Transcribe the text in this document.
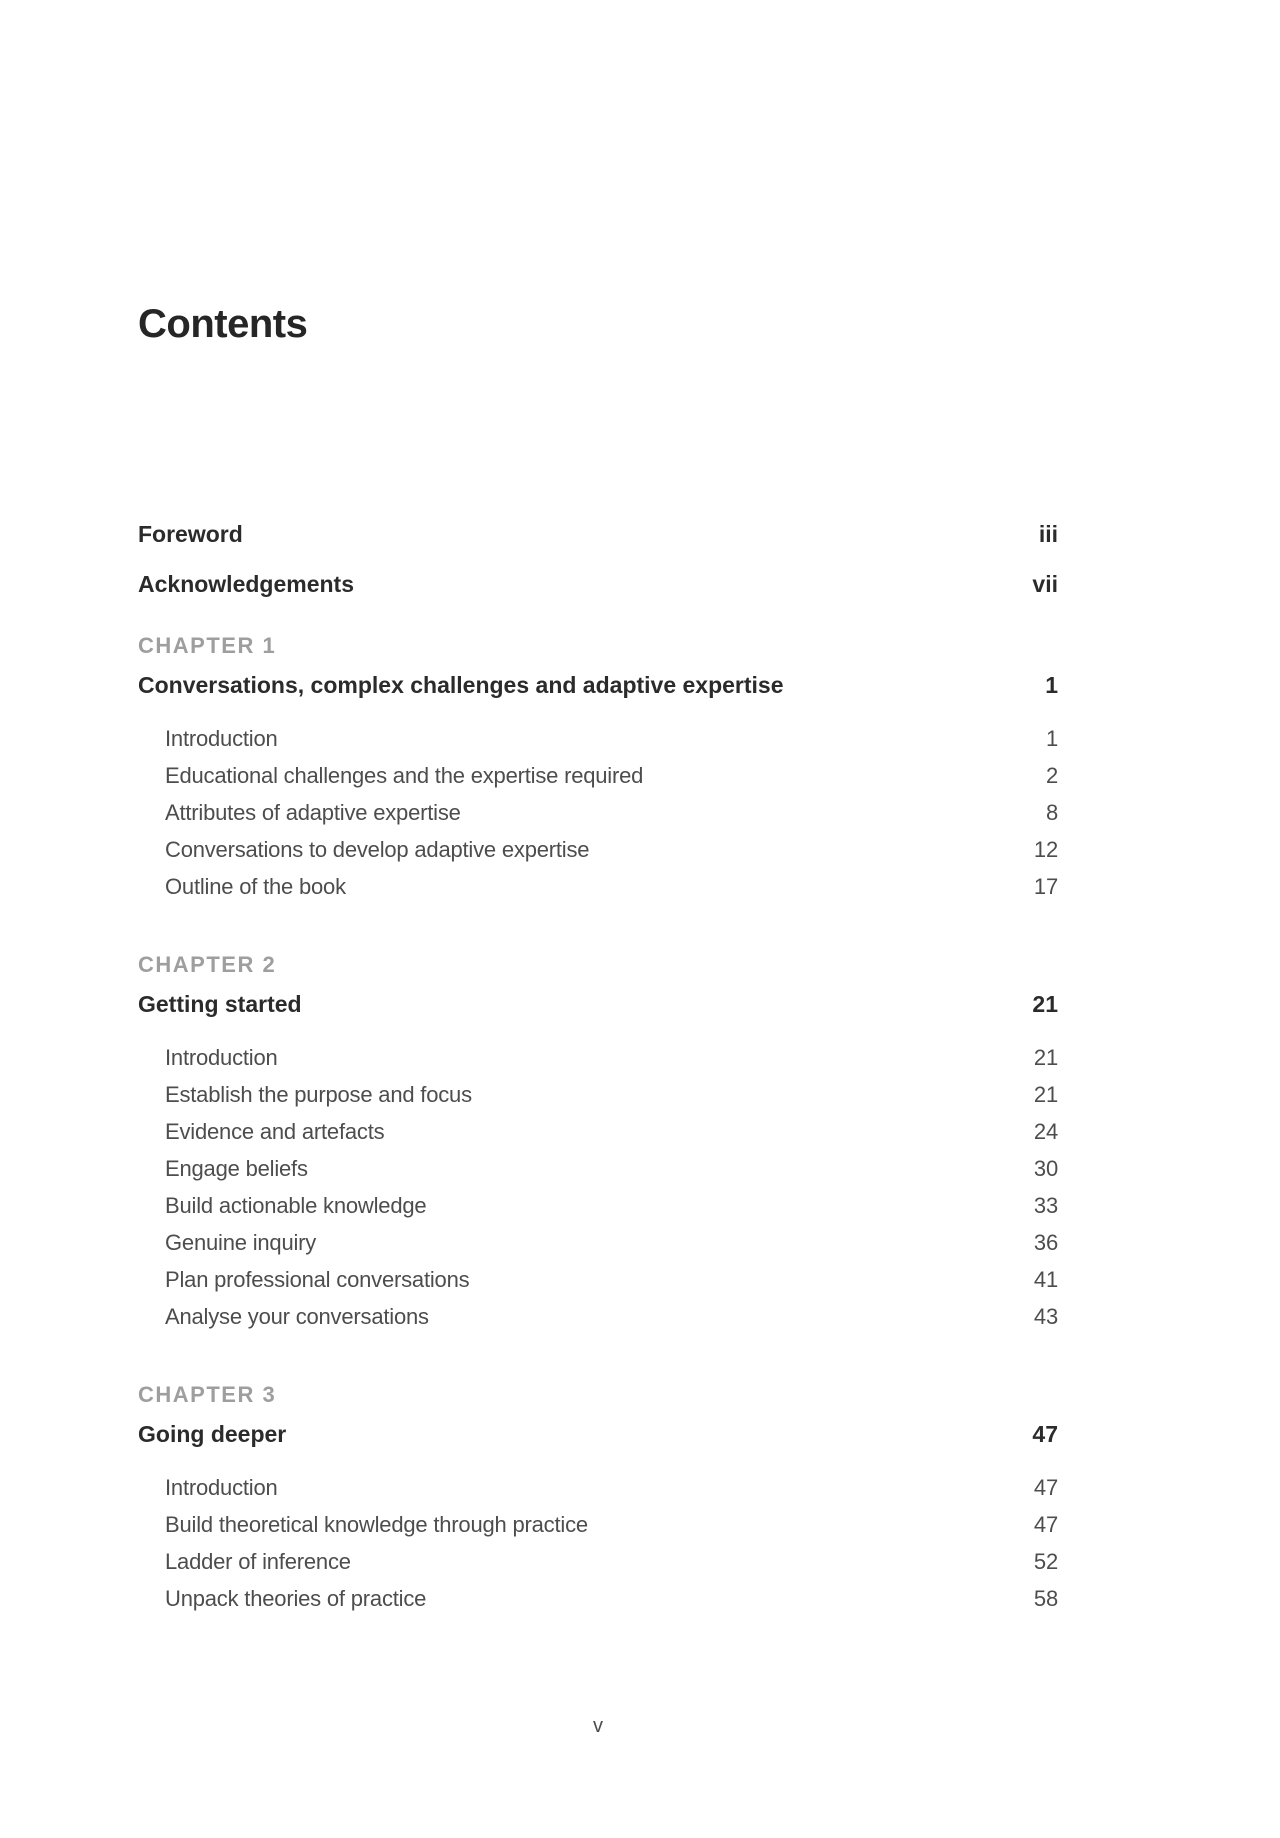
Contents
Foreword	iii
Acknowledgements	vii
CHAPTER 1
Conversations, complex challenges and adaptive expertise	1
Introduction	1
Educational challenges and the expertise required	2
Attributes of adaptive expertise	8
Conversations to develop adaptive expertise	12
Outline of the book	17
CHAPTER 2
Getting started	21
Introduction	21
Establish the purpose and focus	21
Evidence and artefacts	24
Engage beliefs	30
Build actionable knowledge	33
Genuine inquiry	36
Plan professional conversations	41
Analyse your conversations	43
CHAPTER 3
Going deeper	47
Introduction	47
Build theoretical knowledge through practice	47
Ladder of inference	52
Unpack theories of practice	58
v
